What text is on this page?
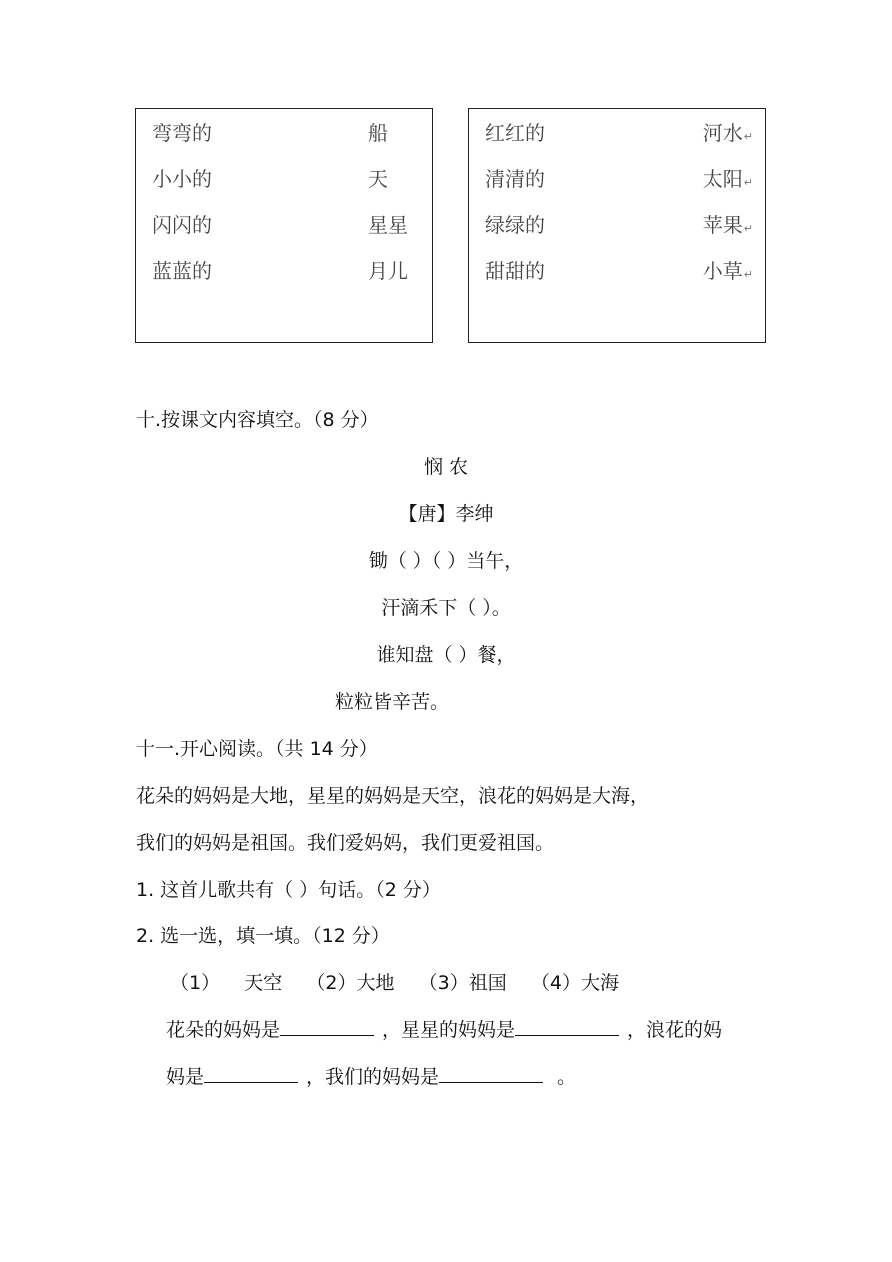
弯弯的	船
小小的	天
闪闪的	星星
蓝蓝的	月儿
红红的	河水↵
清清的	太阳↵
绿绿的	苹果↵
甜甜的	小草↵
十.按课文内容填空。（8 分）
悯 农
【唐】李绅
锄（ ）（ ）当午，
汗滴禾下（ ）。
谁知盘（ ）餐，
粒粒皆辛苦。
十一.开心阅读。（共 14 分）
花朵的妈妈是大地，星星的妈妈是天空，浪花的妈妈是大海，
我们的妈妈是祖国。我们爱妈妈，我们更爱祖国。
1. 这首儿歌共有（ ）句话。（2 分）
2. 选一选，填一填。（12 分）
（1）    天空    （2）大地    （3）祖国    （4）大海
花朵的妈妈是	，星星的妈妈是	，浪花的妈
妈是	，我们的妈妈是	。
